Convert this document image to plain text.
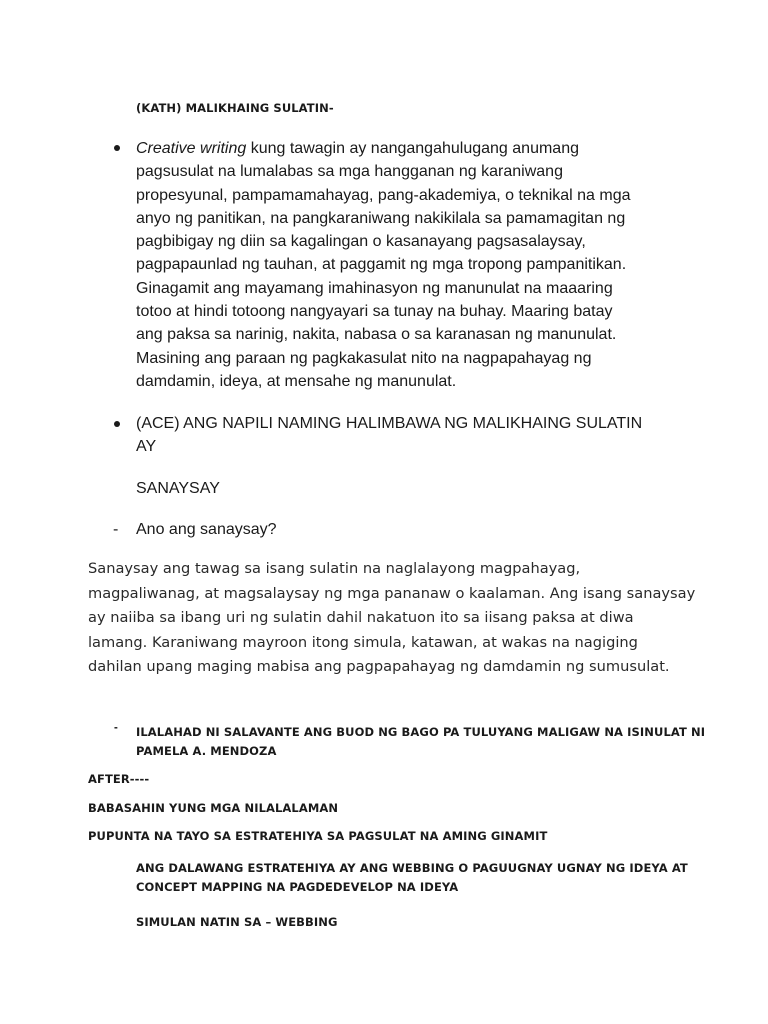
(KATH) MALIKHAING SULATIN-
Creative writing kung tawagin ay nangangahulugang anumang
pagsusulat na lumalabas sa mga hangganan ng karaniwang
propesyunal, pampamamahayag, pang-akademiya, o teknikal na mga
anyo ng panitikan, na pangkaraniwang nakikilala sa pamamagitan ng
pagbibigay ng diin sa kagalingan o kasanayang pagsasalaysay,
pagpapaunlad ng tauhan, at paggamit ng mga tropong pampanitikan.
Ginagamit ang mayamang imahinasyon ng manunulat na maaaring
totoo at hindi totoong nangyayari sa tunay na buhay. Maaring batay
ang paksa sa narinig, nakita, nabasa o sa karanasan ng manunulat.
Masining ang paraan ng pagkakasulat nito na nagpapahayag ng
damdamin, ideya, at mensahe ng manunulat.
(ACE) ANG NAPILI NAMING HALIMBAWA NG MALIKHAING SULATIN
AY
SANAYSAY
- Ano ang sanaysay?
Sanaysay ang tawag sa isang sulatin na naglalayong magpahayag,
magpaliwanag, at magsalaysay ng mga pananaw o kaalaman. Ang isang sanaysay
ay naiiba sa ibang uri ng sulatin dahil nakatuon ito sa iisang paksa at diwa
lamang. Karaniwang mayroon itong simula, katawan, at wakas na nagiging
dahilan upang maging mabisa ang pagpapahayag ng damdamin ng sumusulat.
- ILALAHAD NI SALAVANTE ANG BUOD NG BAGO PA TULUYANG MALIGAW NA ISINULAT NI
PAMELA A. MENDOZA
AFTER----
BABASAHIN YUNG MGA NILALALAMAN
PUPUNTA NA TAYO SA ESTRATEHIYA SA PAGSULAT NA AMING GINAMIT
ANG DALAWANG ESTRATEHIYA AY ANG WEBBING O PAGUUGNAY UGNAY NG IDEYA AT
CONCEPT MAPPING NA PAGDEDEVELOP NA IDEYA
SIMULAN NATIN SA – WEBBING
